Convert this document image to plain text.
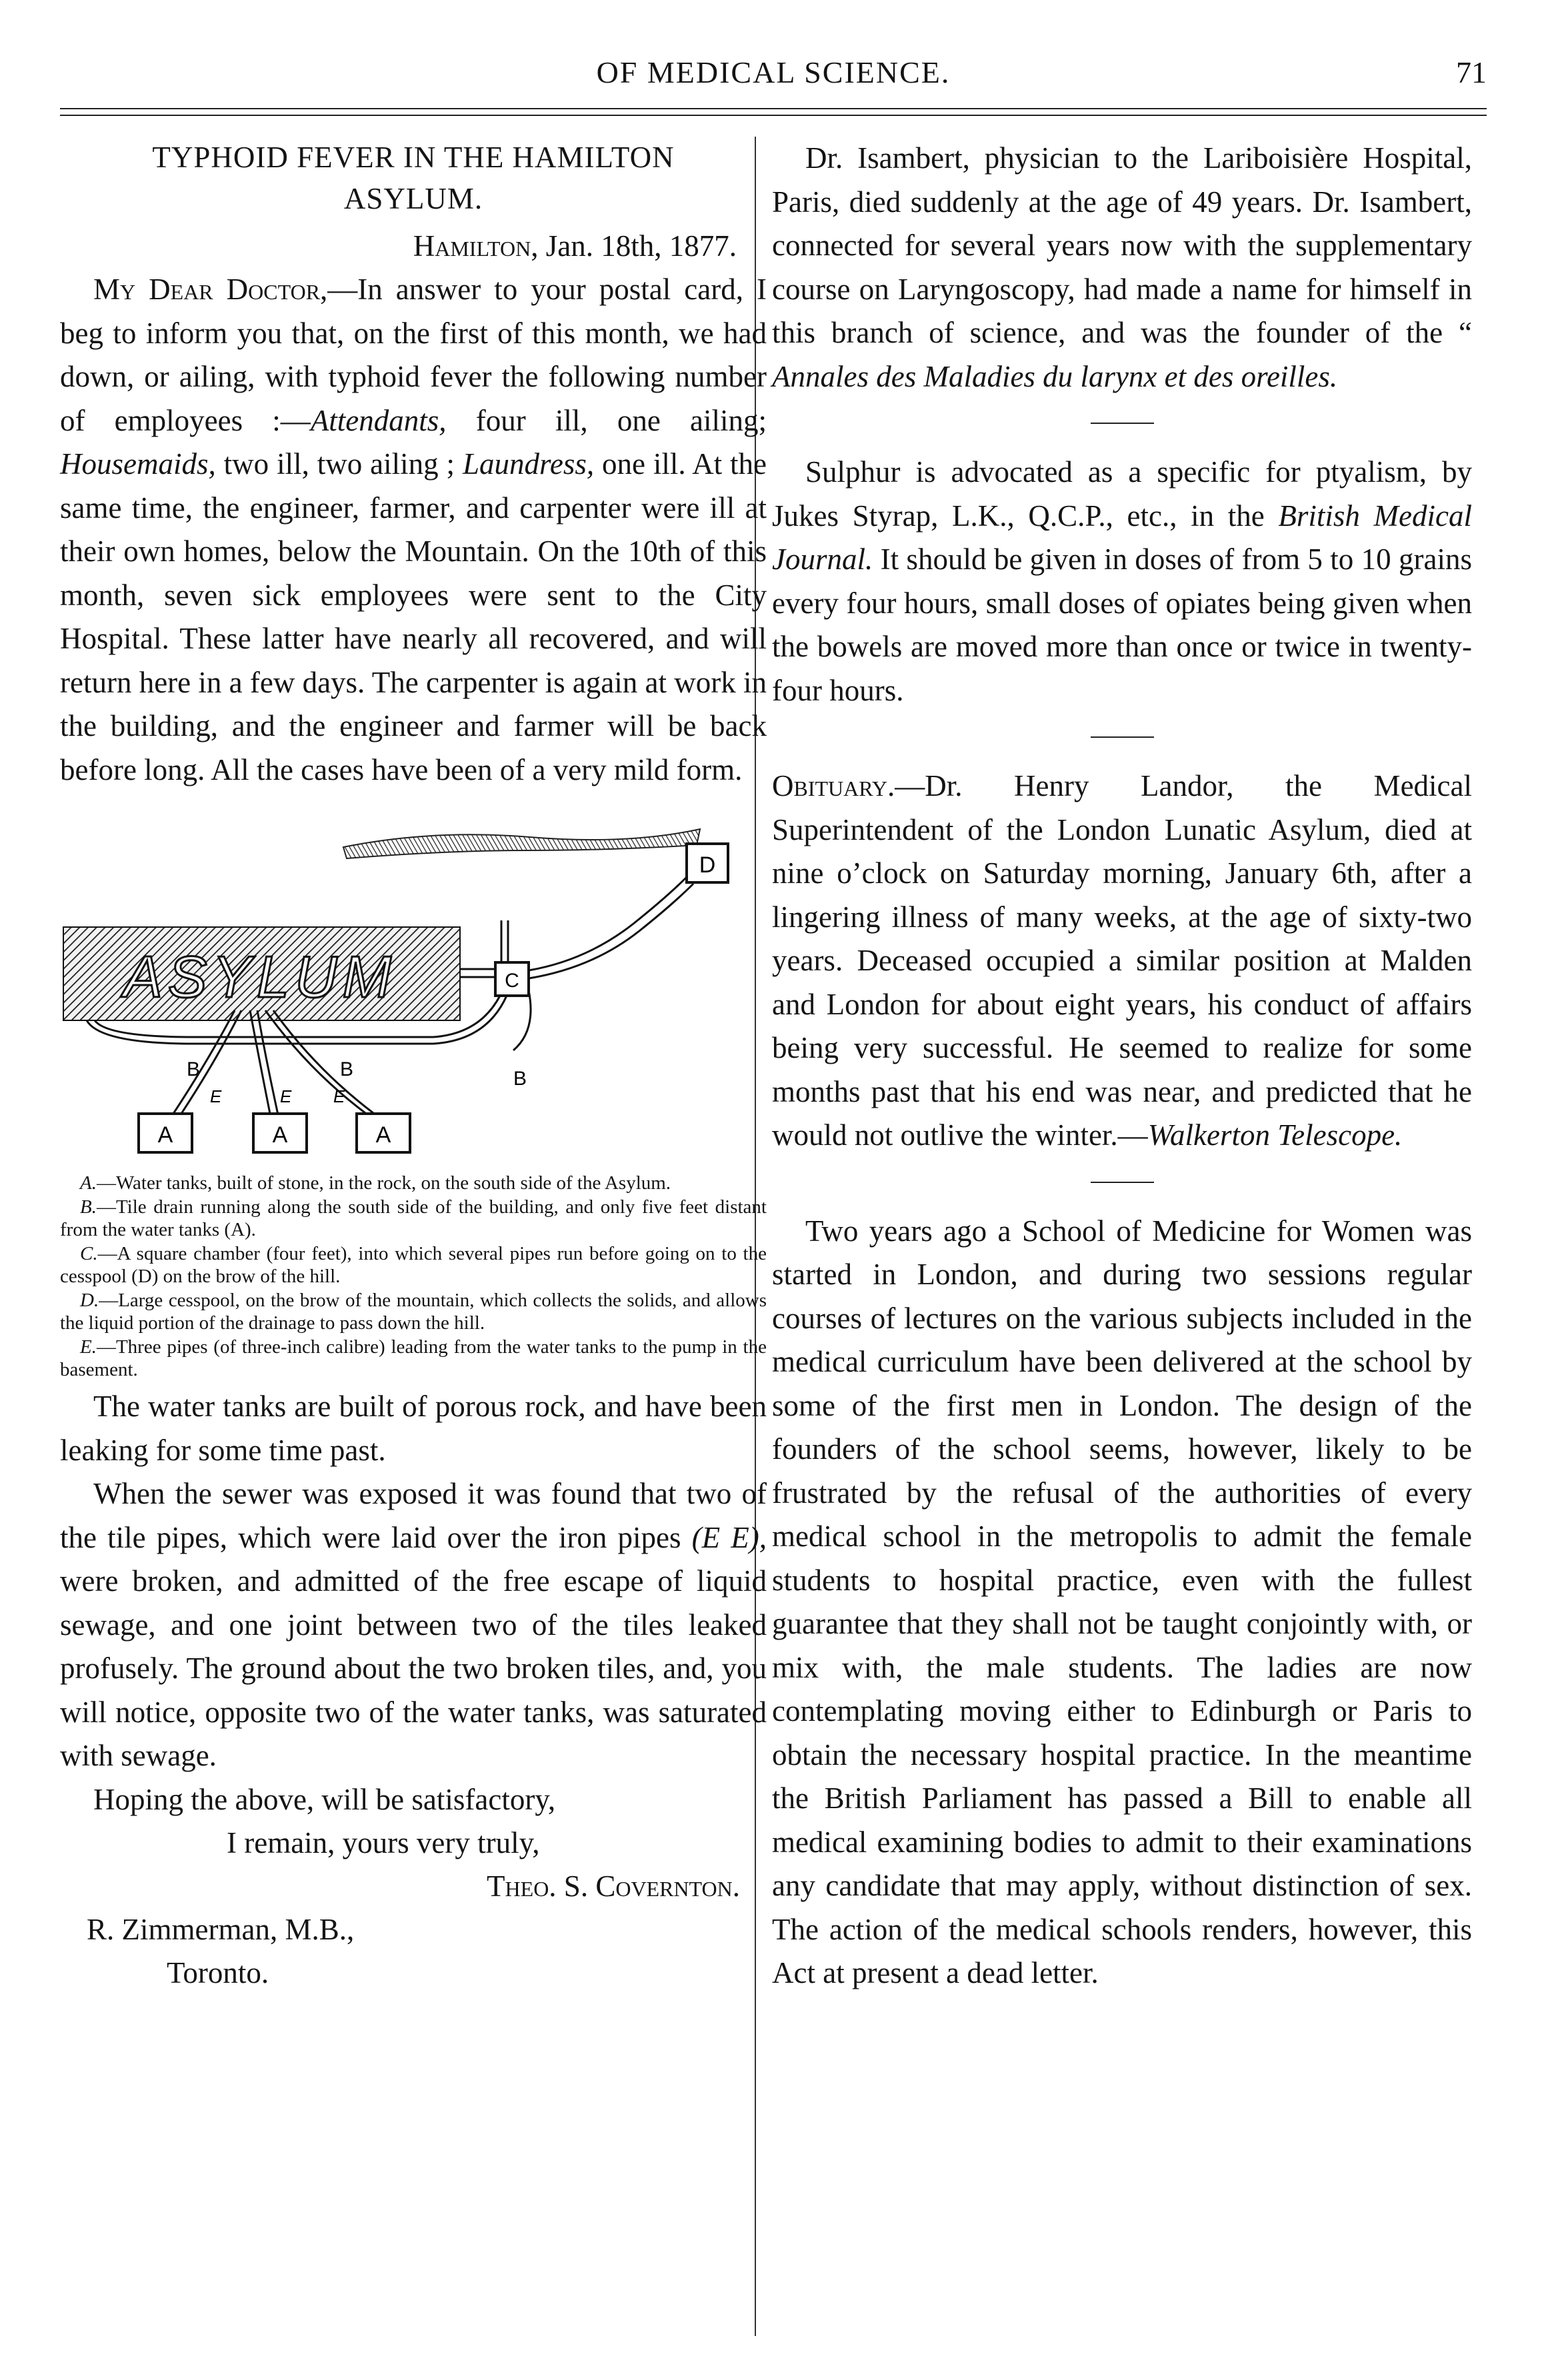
OF MEDICAL SCIENCE.	71
TYPHOID FEVER IN THE HAMILTON
ASYLUM.
Hamilton, Jan. 18th, 1877.

My Dear Doctor,—In answer to your postal card, I beg to inform you that, on the first of this month, we had down, or ailing, with typhoid fever the following number of employees :—Attendants, four ill, one ailing; Housemaids, two ill, two ailing ; Laundress, one ill. At the same time, the engineer, farmer, and carpenter were ill at their own homes, below the Mountain. On the 10th of this month, seven sick employees were sent to the City Hospital. These latter have nearly all recovered, and will return here in a few days. The carpenter is again at work in the building, and the engineer and farmer will be back before long. All the cases have been of a very mild form.

D
ASYLUM	C
B	B	B
E	E E
A	A	A

A.—Water tanks, built of stone, in the rock, on the south side of the Asylum.

B.—Tile drain running along the south side of the building, and only five feet distant from the water tanks (A).

C.—A square chamber (four feet), into which several pipes run before going on to the cesspool (D) on the brow of the hill.

D.—Large cesspool, on the brow of the mountain, which collects the solids, and allows the liquid portion of the drainage to pass down the hill.

E.—Three pipes (of three-inch calibre) leading from the water tanks to the pump in the basement.

The water tanks are built of porous rock, and have been leaking for some time past.

When the sewer was exposed it was found that two of the tile pipes, which were laid over the iron pipes (E E), were broken, and admitted of the free escape of liquid sewage, and one joint between two of the tiles leaked profusely. The ground about the two broken tiles, and, you will notice, opposite two of the water tanks, was saturated with sewage.

Hoping the above, will be satisfactory,

I remain, yours very truly,
Theo. S. Covernton.
R. Zimmerman, M.B.,
Toronto.

Dr. Isambert, physician to the Lariboisière Hospital, Paris, died suddenly at the age of 49 years. Dr. Isambert, connected for several years now with the supplementary course on Laryngoscopy, had made a name for himself in this branch of science, and was the founder of the “ Annales des Maladies du larynx et des oreilles.

Sulphur is advocated as a specific for ptyalism, by Jukes Styrap, L.K., Q.C.P., etc., in the British Medical Journal. It should be given in doses of from 5 to 10 grains every four hours, small doses of opiates being given when the bowels are moved more than once or twice in twenty-four hours.

Obituary.—Dr. Henry Landor, the Medical Superintendent of the London Lunatic Asylum, died at nine o’clock on Saturday morning, January 6th, after a lingering illness of many weeks, at the age of sixty-two years. Deceased occupied a similar position at Malden and London for about eight years, his conduct of affairs being very successful. He seemed to realize for some months past that his end was near, and predicted that he would not outlive the winter.—Walkerton Telescope.

Two years ago a School of Medicine for Women was started in London, and during two sessions regular courses of lectures on the various subjects included in the medical curriculum have been delivered at the school by some of the first men in London. The design of the founders of the school seems, however, likely to be frustrated by the refusal of the authorities of every medical school in the metropolis to admit the female students to hospital practice, even with the fullest guarantee that they shall not be taught conjointly with, or mix with, the male students. The ladies are now contemplating moving either to Edinburgh or Paris to obtain the necessary hospital practice. In the meantime the British Parliament has passed a Bill to enable all medical examining bodies to admit to their examinations any candidate that may apply, without distinction of sex. The action of the medical schools renders, however, this Act at present a dead letter.
